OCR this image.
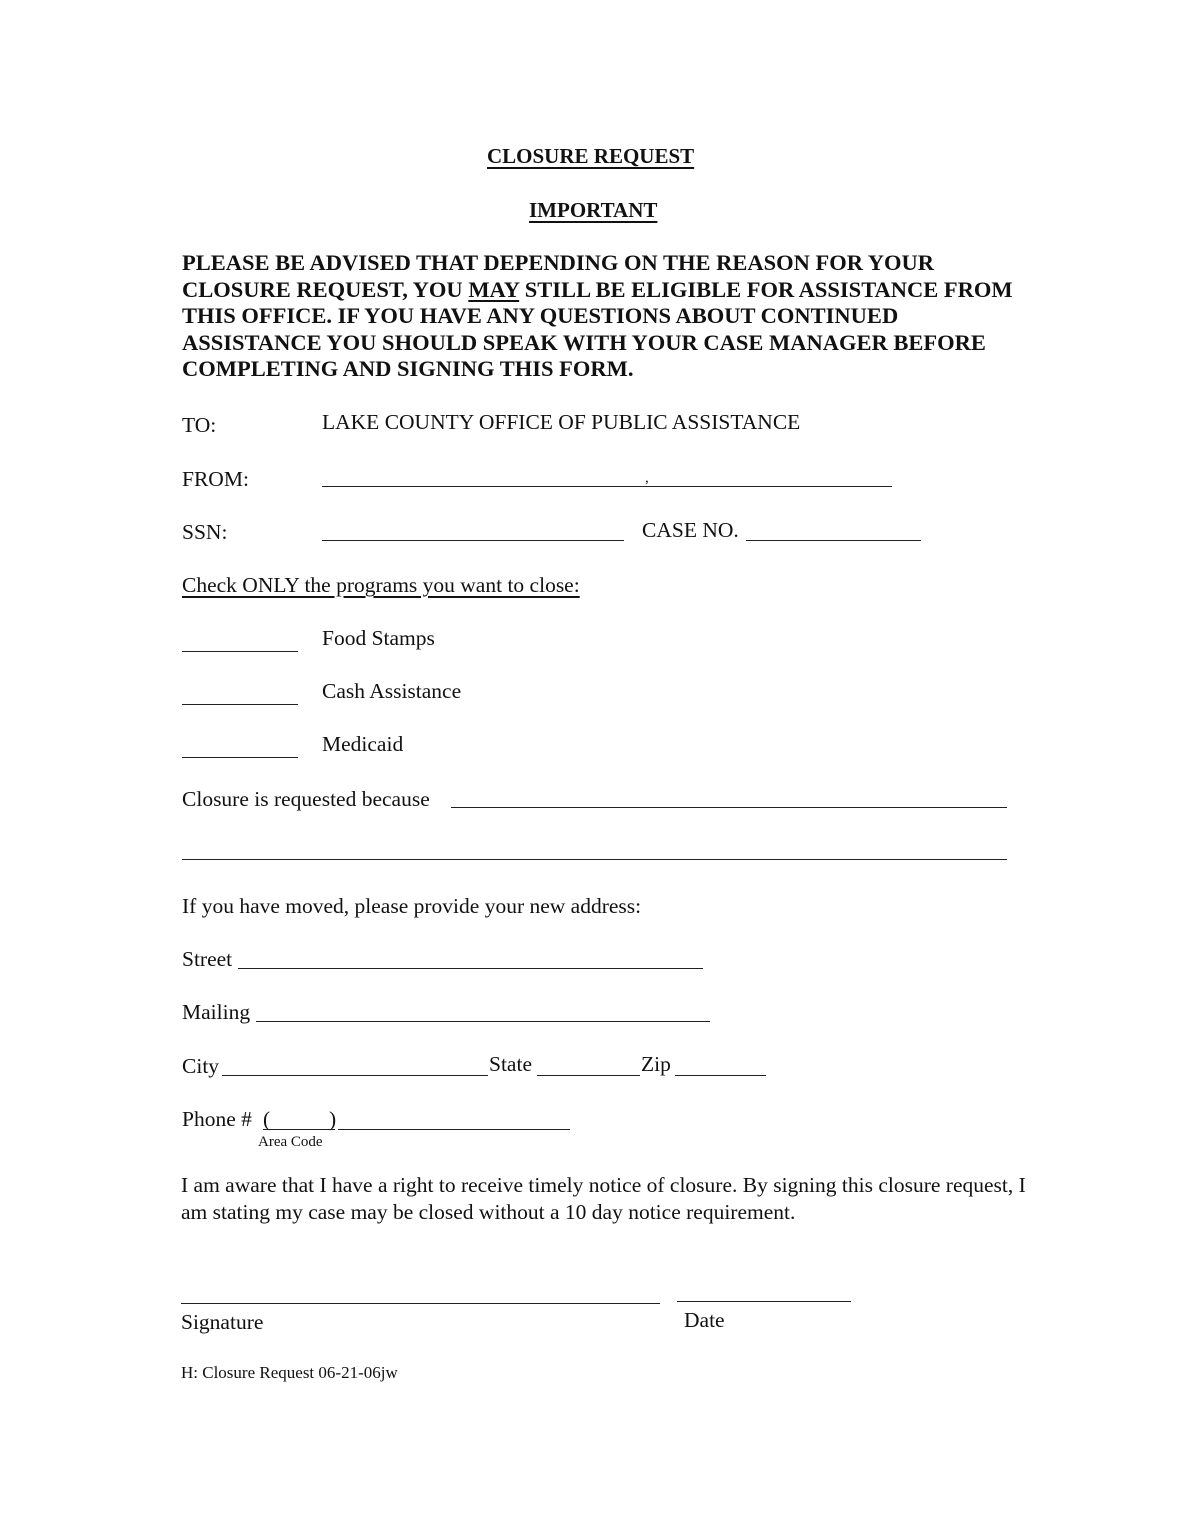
CLOSURE REQUEST
IMPORTANT
PLEASE BE ADVISED THAT DEPENDING ON THE REASON FOR YOUR CLOSURE REQUEST, YOU MAY STILL BE ELIGIBLE FOR ASSISTANCE FROM THIS OFFICE. IF YOU HAVE ANY QUESTIONS ABOUT CONTINUED ASSISTANCE YOU SHOULD SPEAK WITH YOUR CASE MANAGER BEFORE COMPLETING AND SIGNING THIS FORM.
TO:	LAKE COUNTY OFFICE OF PUBLIC ASSISTANCE
FROM:	,
SSN:	CASE NO.
Check ONLY the programs you want to close:
Food Stamps
Cash Assistance
Medicaid
Closure is requested because
If you have moved, please provide your new address:
Street
Mailing
City	State	Zip
Phone # (	)
Area Code
I am aware that I have a right to receive timely notice of closure. By signing this closure request, I am stating my case may be closed without a 10 day notice requirement.
Signature	Date
H: Closure Request 06-21-06jw
